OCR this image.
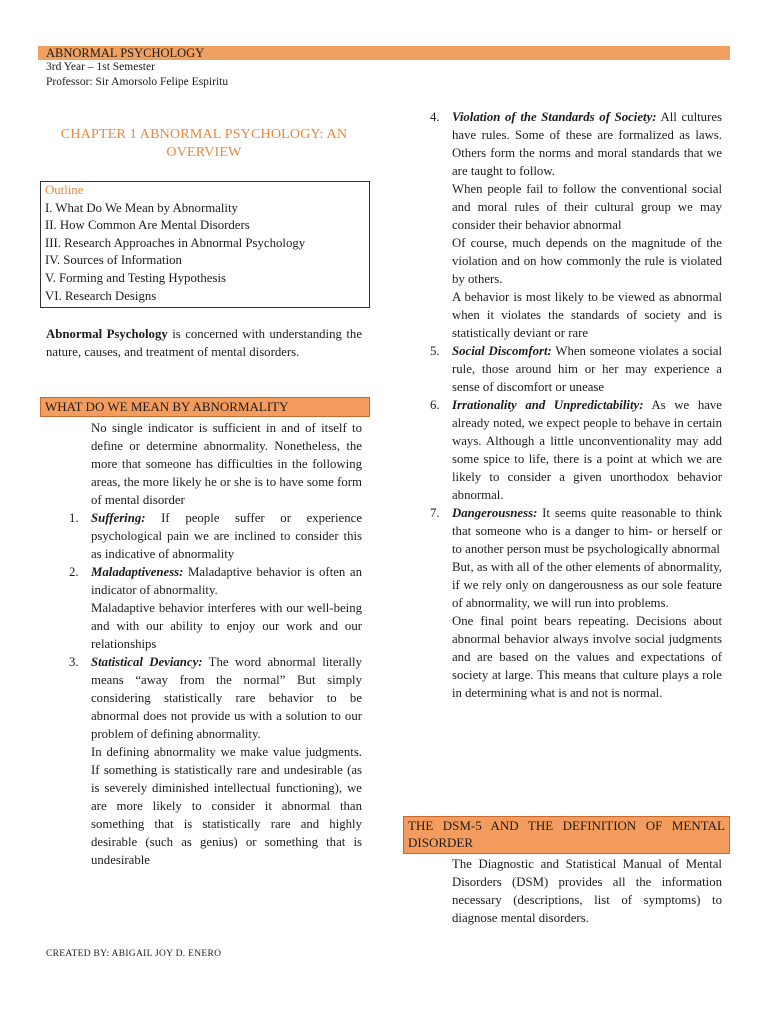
ABNORMAL PSYCHOLOGY
3rd Year – 1st Semester
Professor: Sir Amorsolo Felipe Espiritu
CHAPTER 1 ABNORMAL PSYCHOLOGY: AN OVERVIEW
Outline
I. What Do We Mean by Abnormality
II. How Common Are Mental Disorders
III. Research Approaches in Abnormal Psychology
IV. Sources of Information
V. Forming and Testing Hypothesis
VI. Research Designs

Abnormal Psychology is concerned with understanding the nature, causes, and treatment of mental disorders.

WHAT DO WE MEAN BY ABNORMALITY

No single indicator is sufficient in and of itself to define or determine abnormality. Nonetheless, the more that someone has difficulties in the following areas, the more likely he or she is to have some form of mental disorder

1. Suffering: If people suffer or experience psychological pain we are inclined to consider this as indicative of abnormality

2. Maladaptiveness: Maladaptive behavior is often an indicator of abnormality.

Maladaptive behavior interferes with our well-being and with our ability to enjoy our work and our relationships

3. Statistical Deviancy: The word abnormal literally means “away from the normal” But simply considering statistically rare behavior to be abnormal does not provide us with a solution to our problem of defining abnormality.

In defining abnormality we make value judgments. If something is statistically rare and undesirable (as is severely diminished intellectual functioning), we are more likely to consider it abnormal than something that is statistically rare and highly desirable (such as genius) or something that is undesirable

4. Violation of the Standards of Society: All cultures have rules. Some of these are formalized as laws. Others form the norms and moral standards that we are taught to follow.

When people fail to follow the conventional social and moral rules of their cultural group we may consider their behavior abnormal

Of course, much depends on the magnitude of the violation and on how commonly the rule is violated by others.

A behavior is most likely to be viewed as abnormal when it violates the standards of society and is statistically deviant or rare

5. Social Discomfort: When someone violates a social rule, those around him or her may experience a sense of discomfort or unease

6. Irrationality and Unpredictability: As we have already noted, we expect people to behave in certain ways. Although a little unconventionality may add some spice to life, there is a point at which we are likely to consider a given unorthodox behavior abnormal.

7. Dangerousness: It seems quite reasonable to think that someone who is a danger to him- or herself or to another person must be psychologically abnormal

But, as with all of the other elements of abnormality, if we rely only on dangerousness as our sole feature of abnormality, we will run into problems.

One final point bears repeating. Decisions about abnormal behavior always involve social judgments and are based on the values and expectations of society at large. This means that culture plays a role in determining what is and not is normal.

THE DSM-5 AND THE DEFINITION OF MENTAL DISORDER

The Diagnostic and Statistical Manual of Mental Disorders (DSM) provides all the information necessary (descriptions, list of symptoms) to diagnose mental disorders.

CREATED BY: ABIGAIL JOY D. ENERO
